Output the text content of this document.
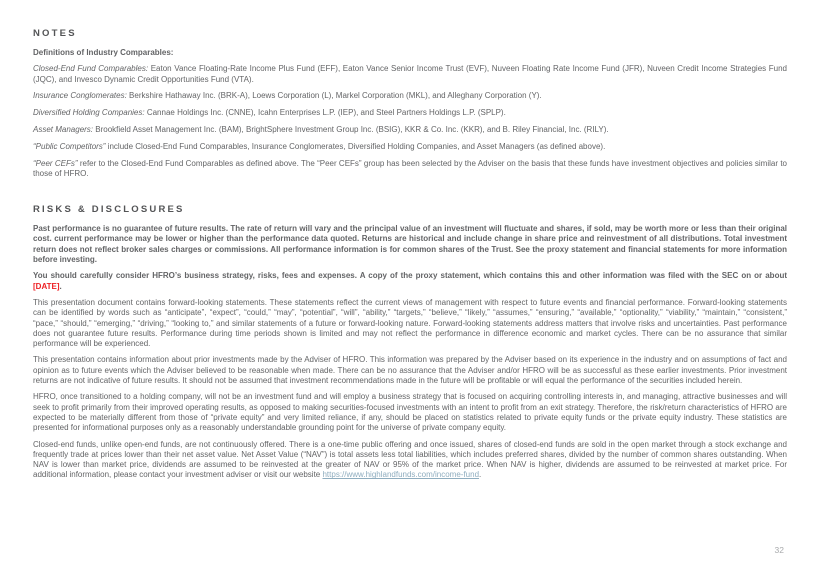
NOTES

Definitions of Industry Comparables:

Closed-End Fund Comparables: Eaton Vance Floating-Rate Income Plus Fund (EFF), Eaton Vance Senior Income Trust (EVF), Nuveen Floating Rate Income Fund (JFR), Nuveen Credit Income Strategies Fund (JQC), and Invesco Dynamic Credit Opportunities Fund (VTA).

Insurance Conglomerates: Berkshire Hathaway Inc. (BRK-A), Loews Corporation (L), Markel Corporation (MKL), and Alleghany Corporation (Y).

Diversified Holding Companies: Cannae Holdings Inc. (CNNE), Icahn Enterprises L.P. (IEP), and Steel Partners Holdings L.P. (SPLP).

Asset Managers: Brookfield Asset Management Inc. (BAM), BrightSphere Investment Group Inc. (BSIG), KKR & Co. Inc. (KKR), and B. Riley Financial, Inc. (RILY).

“Public Competitors” include Closed-End Fund Comparables, Insurance Conglomerates, Diversified Holding Companies, and Asset Managers (as defined above).

“Peer CEFs” refer to the Closed-End Fund Comparables as defined above. The “Peer CEFs” group has been selected by the Adviser on the basis that these funds have investment objectives and policies similar to those of HFRO.

RISKS & DISCLOSURES

Past performance is no guarantee of future results. The rate of return will vary and the principal value of an investment will fluctuate and shares, if sold, may be worth more or less than their original cost. current performance may be lower or higher than the performance data quoted. Returns are historical and include change in share price and reinvestment of all distributions. Total investment return does not reflect broker sales charges or commissions. All performance information is for common shares of the Trust. See the proxy statement and financial statements for more information before investing.

You should carefully consider HFRO’s business strategy, risks, fees and expenses. A copy of the proxy statement, which contains this and other information was filed with the SEC on or about [DATE].

This presentation document contains forward-looking statements. These statements reflect the current views of management with respect to future events and financial performance. Forward-looking statements can be identified by words such as “anticipate”, “expect”, “could,” “may”, “potential”, “will”, “ability,” “targets,” “believe,” “likely,” “assumes,” “ensuring,” “available,” “optionality,” “viability,” “maintain,” “consistent,” “pace,” “should,” “emerging,” “driving,” “looking to,” and similar statements of a future or forward-looking nature. Forward-looking statements address matters that involve risks and uncertainties. Past performance does not guarantee future results. Performance during time periods shown is limited and may not reflect the performance in difference economic and market cycles. There can be no assurance that similar performance will be experienced.

This presentation contains information about prior investments made by the Adviser of HFRO. This information was prepared by the Adviser based on its experience in the industry and on assumptions of fact and opinion as to future events which the Adviser believed to be reasonable when made. There can be no assurance that the Adviser and/or HFRO will be as successful as these earlier investments. Prior investment returns are not indicative of future results. It should not be assumed that investment recommendations made in the future will be profitable or will equal the performance of the securities included herein.

HFRO, once transitioned to a holding company, will not be an investment fund and will employ a business strategy that is focused on acquiring controlling interests in, and managing, attractive businesses and will seek to profit primarily from their improved operating results, as opposed to making securities-focused investments with an intent to profit from an exit strategy. Therefore, the risk/return characteristics of HFRO are expected to be materially different from those of “private equity” and very limited reliance, if any, should be placed on statistics related to private equity funds or the private equity industry. These statistics are presented for informational purposes only as a reasonably understandable grounding point for the universe of private company equity.

Closed-end funds, unlike open-end funds, are not continuously offered. There is a one-time public offering and once issued, shares of closed-end funds are sold in the open market through a stock exchange and frequently trade at prices lower than their net asset value. Net Asset Value (“NAV”) is total assets less total liabilities, which includes preferred shares, divided by the number of common shares outstanding. When NAV is lower than market price, dividends are assumed to be reinvested at the greater of NAV or 95% of the market price. When NAV is higher, dividends are assumed to be reinvested at market price. For additional information, please contact your investment adviser or visit our website https://www.highlandfunds.com/income-fund.

32
